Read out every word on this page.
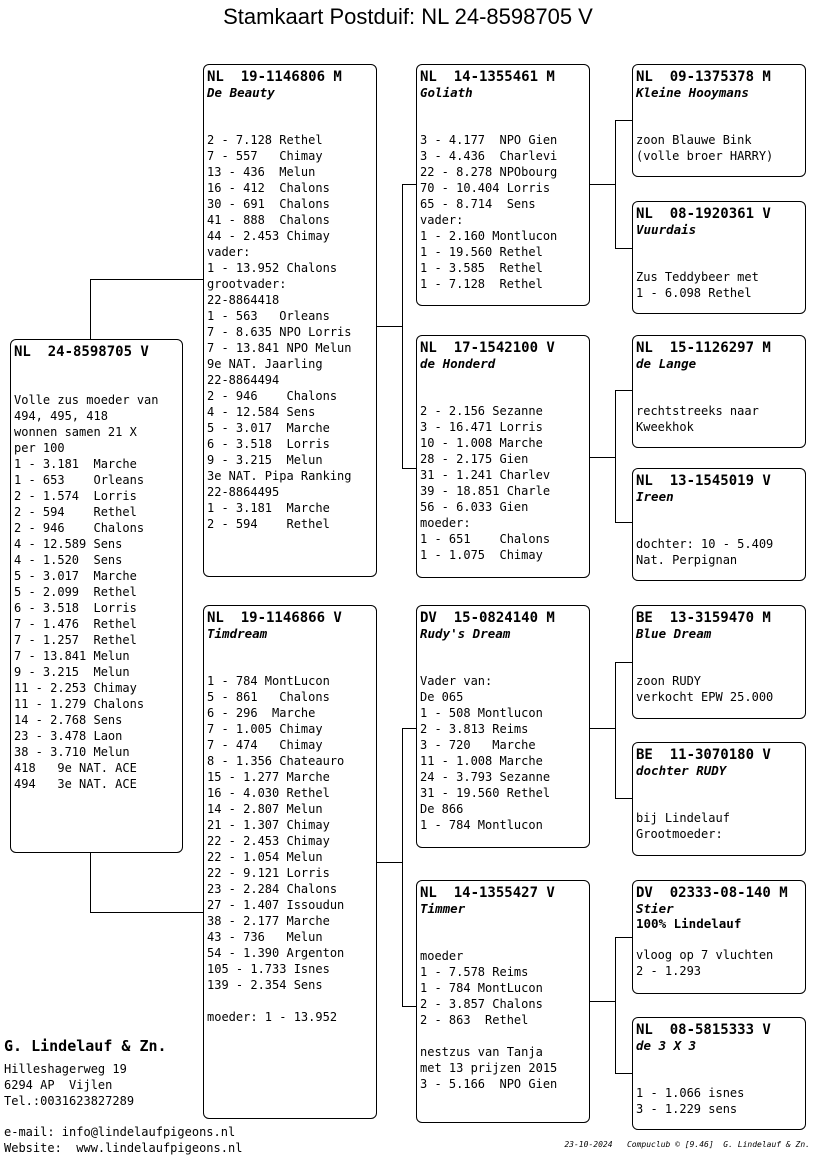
Stamkaart Postduif: NL 24-8598705 V
NL  24-8598705 V
Volle zus moeder van
494, 495, 418
wonnen samen 21 X
per 100
1 - 3.181  Marche
1 - 653    Orleans
2 - 1.574  Lorris
2 - 594    Rethel
2 - 946    Chalons
4 - 12.589 Sens
4 - 1.520  Sens
5 - 3.017  Marche
5 - 2.099  Rethel
6 - 3.518  Lorris
7 - 1.476  Rethel
7 - 1.257  Rethel
7 - 13.841 Melun
9 - 3.215  Melun
11 - 2.253 Chimay
11 - 1.279 Chalons
14 - 2.768 Sens
23 - 3.478 Laon
38 - 3.710 Melun
418   9e NAT. ACE
494   3e NAT. ACE
NL  19-1146806 M
De Beauty
2 - 7.128 Rethel
7 - 557   Chimay
13 - 436  Melun
16 - 412  Chalons
30 - 691  Chalons
41 - 888  Chalons
44 - 2.453 Chimay
vader:
1 - 13.952 Chalons
grootvader:
22-8864418
1 - 563   Orleans
7 - 8.635 NPO Lorris
7 - 13.841 NPO Melun
9e NAT. Jaarling
22-8864494
2 - 946    Chalons
4 - 12.584 Sens
5 - 3.017  Marche
6 - 3.518  Lorris
9 - 3.215  Melun
3e NAT. Pipa Ranking
22-8864495
1 - 3.181  Marche
2 - 594    Rethel
NL  19-1146866 V
Timdream
1 - 784 MontLucon
5 - 861   Chalons
6 - 296  Marche
7 - 1.005 Chimay
7 - 474   Chimay
8 - 1.356 Chateauro
15 - 1.277 Marche
16 - 4.030 Rethel
14 - 2.807 Melun
21 - 1.307 Chimay
22 - 2.453 Chimay
22 - 1.054 Melun
22 - 9.121 Lorris
23 - 2.284 Chalons
27 - 1.407 Issoudun
38 - 2.177 Marche
43 - 736   Melun
54 - 1.390 Argenton
105 - 1.733 Isnes
139 - 2.354 Sens

moeder: 1 - 13.952
NL  14-1355461 M
Goliath
3 - 4.177  NPO Gien
3 - 4.436  Charlevi
22 - 8.278 NPObourg
70 - 10.404 Lorris
65 - 8.714  Sens
vader:
1 - 2.160 Montlucon
1 - 19.560 Rethel
1 - 3.585  Rethel
1 - 7.128  Rethel
NL  17-1542100 V
de Honderd
2 - 2.156 Sezanne
3 - 16.471 Lorris
10 - 1.008 Marche
28 - 2.175 Gien
31 - 1.241 Charlev
39 - 18.851 Charle
56 - 6.033 Gien
moeder:
1 - 651    Chalons
1 - 1.075  Chimay
DV  15-0824140 M
Rudy's Dream
Vader van:
De 065
1 - 508 Montlucon
2 - 3.813 Reims
3 - 720   Marche
11 - 1.008 Marche
24 - 3.793 Sezanne
31 - 19.560 Rethel
De 866
1 - 784 Montlucon
NL  14-1355427 V
Timmer
moeder
1 - 7.578 Reims
1 - 784 MontLucon
2 - 3.857 Chalons
2 - 863  Rethel

nestzus van Tanja
met 13 prijzen 2015
3 - 5.166  NPO Gien
NL  09-1375378 M
Kleine Hooymans
zoon Blauwe Bink
(volle broer HARRY)
NL  08-1920361 V
Vuurdais
Zus Teddybeer met
1 - 6.098 Rethel
NL  15-1126297 M
de Lange
rechtstreeks naar
Kweekhok
NL  13-1545019 V
Ireen
dochter: 10 - 5.409
Nat. Perpignan
BE  13-3159470 M
Blue Dream
zoon RUDY
verkocht EPW 25.000
BE  11-3070180 V
dochter RUDY
bij Lindelauf
Grootmoeder:
DV  02333-08-140 M
Stier
100% Lindelauf
vloog op 7 vluchten
2 - 1.293
NL  08-5815333 V
de 3 X 3
1 - 1.066 isnes
3 - 1.229 sens
G. Lindelauf & Zn.
Hilleshagerweg 19
6294 AP  Vijlen
Tel.:0031623827289
e-mail: info@lindelaufpigeons.nl
Website:  www.lindelaufpigeons.nl	23-10-2024   Compuclub © [9.46]  G. Lindelauf & Zn.
